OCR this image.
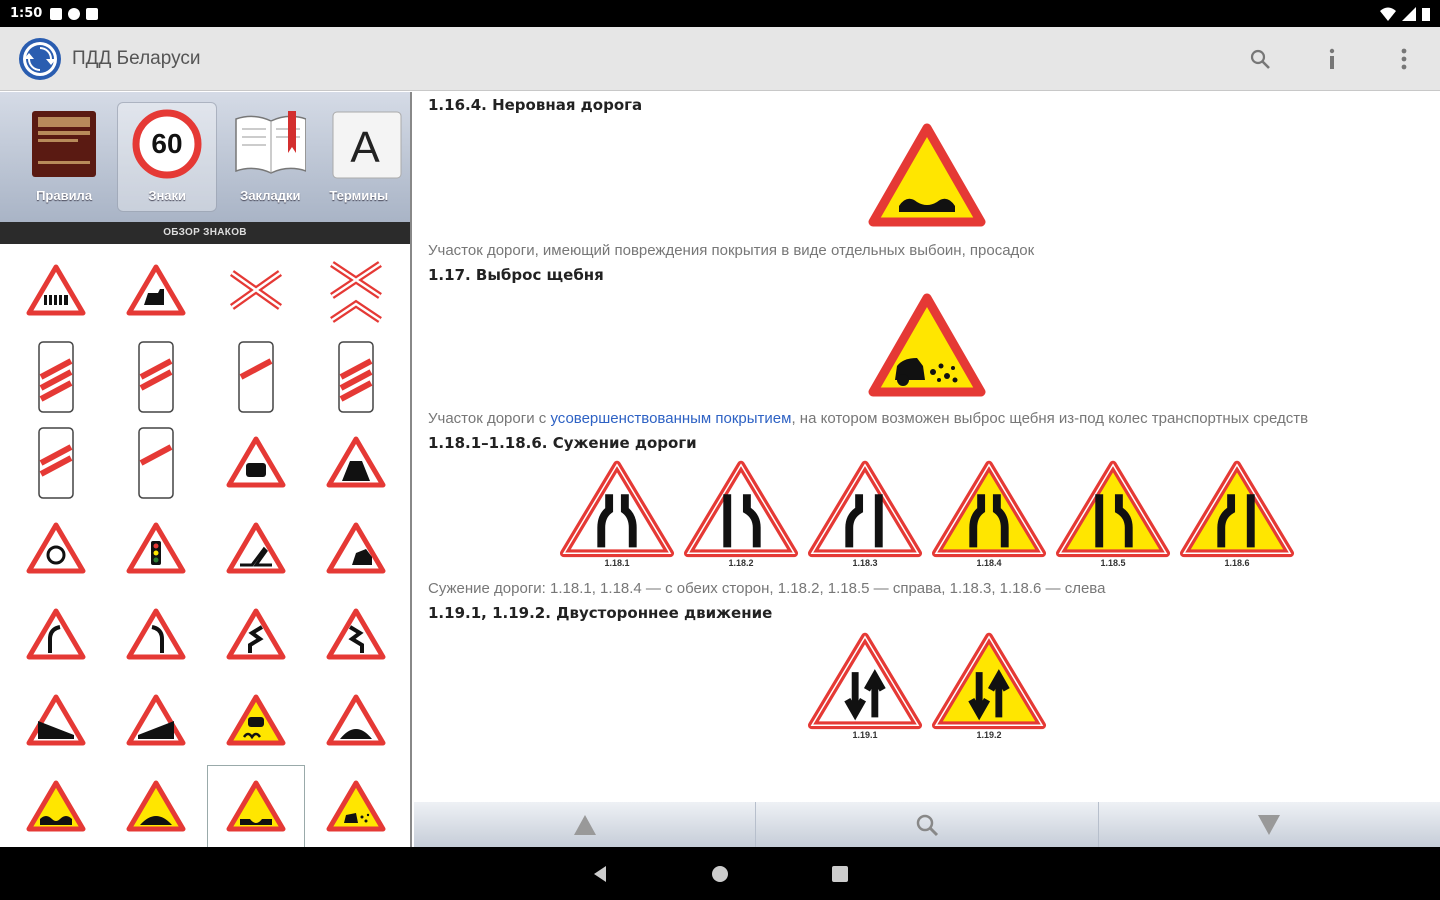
1:50
ПДД Беларуси
Правила
60
Знаки	Закладки
A
Термины
ОБЗОР ЗНАКОВ
1.16.4. Неровная дорога
Участок дороги, имеющий повреждения покрытия в виде отдельных выбоин, просадок
1.17. Выброс щебня
Участок дороги с усовершенствованным покрытием, на котором возможен выброс щебня из-под колес транспортных средств
1.18.1–1.18.6. Сужение дороги
1.18.1	1.18.2	1.18.3	1.18.4	1.18.5	1.18.6
Сужение дороги: 1.18.1, 1.18.4 — с обеих сторон, 1.18.2, 1.18.5 — справа, 1.18.3, 1.18.6 — слева
1.19.1, 1.19.2. Двустороннее движение
1.19.1	1.19.2
